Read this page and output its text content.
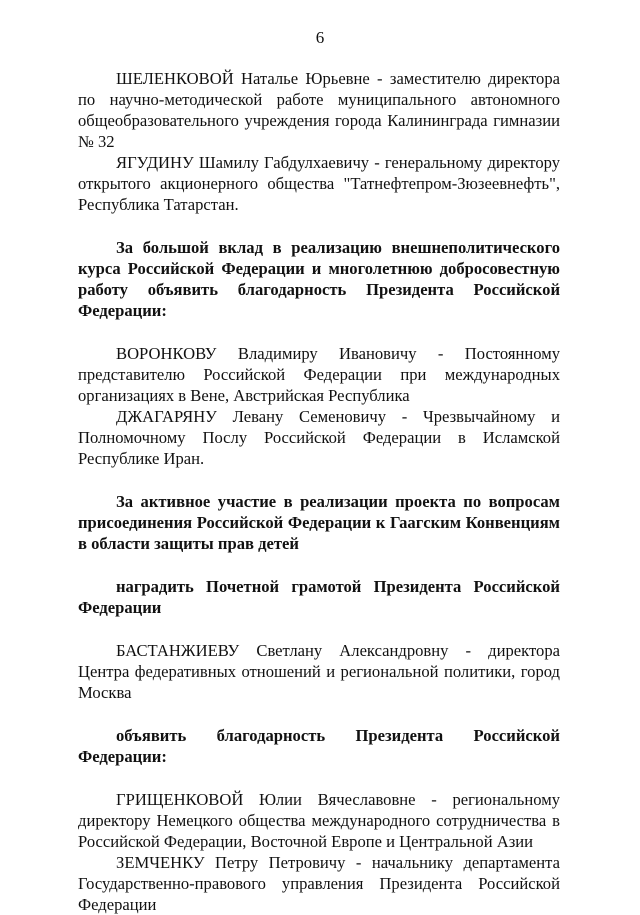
6

ШЕЛЕНКОВОЙ Наталье Юрьевне - заместителю директора по научно-методической работе муниципального автономного общеобразовательного учреждения города Калининграда гимназии № 32

ЯГУДИНУ Шамилу Габдулхаевичу - генеральному директору открытого акционерного общества "Татнефтепром-Зюзеевнефть", Республика Татарстан.

За большой вклад в реализацию внешнеполитического курса Российской Федерации и многолетнюю добросовестную работу объявить благодарность Президента Российской Федерации:

ВОРОНКОВУ Владимиру Ивановичу - Постоянному представителю Российской Федерации при международных организациях в Вене, Австрийская Республика

ДЖАГАРЯНУ Левану Семеновичу - Чрезвычайному и Полномочному Послу Российской Федерации в Исламской Республике Иран.

За активное участие в реализации проекта по вопросам присоединения Российской Федерации к Гаагским Конвенциям в области защиты прав детей

наградить Почетной грамотой Президента Российской Федерации

БАСТАНЖИЕВУ Светлану Александровну - директора Центра федеративных отношений и региональной политики, город Москва

объявить благодарность Президента Российской Федерации:

ГРИЩЕНКОВОЙ Юлии Вячеславовне - региональному директору Немецкого общества международного сотрудничества в Российской Федерации, Восточной Европе и Центральной Азии

ЗЕМЧЕНКУ Петру Петровичу - начальнику департамента Государственно-правового управления Президента Российской Федерации
